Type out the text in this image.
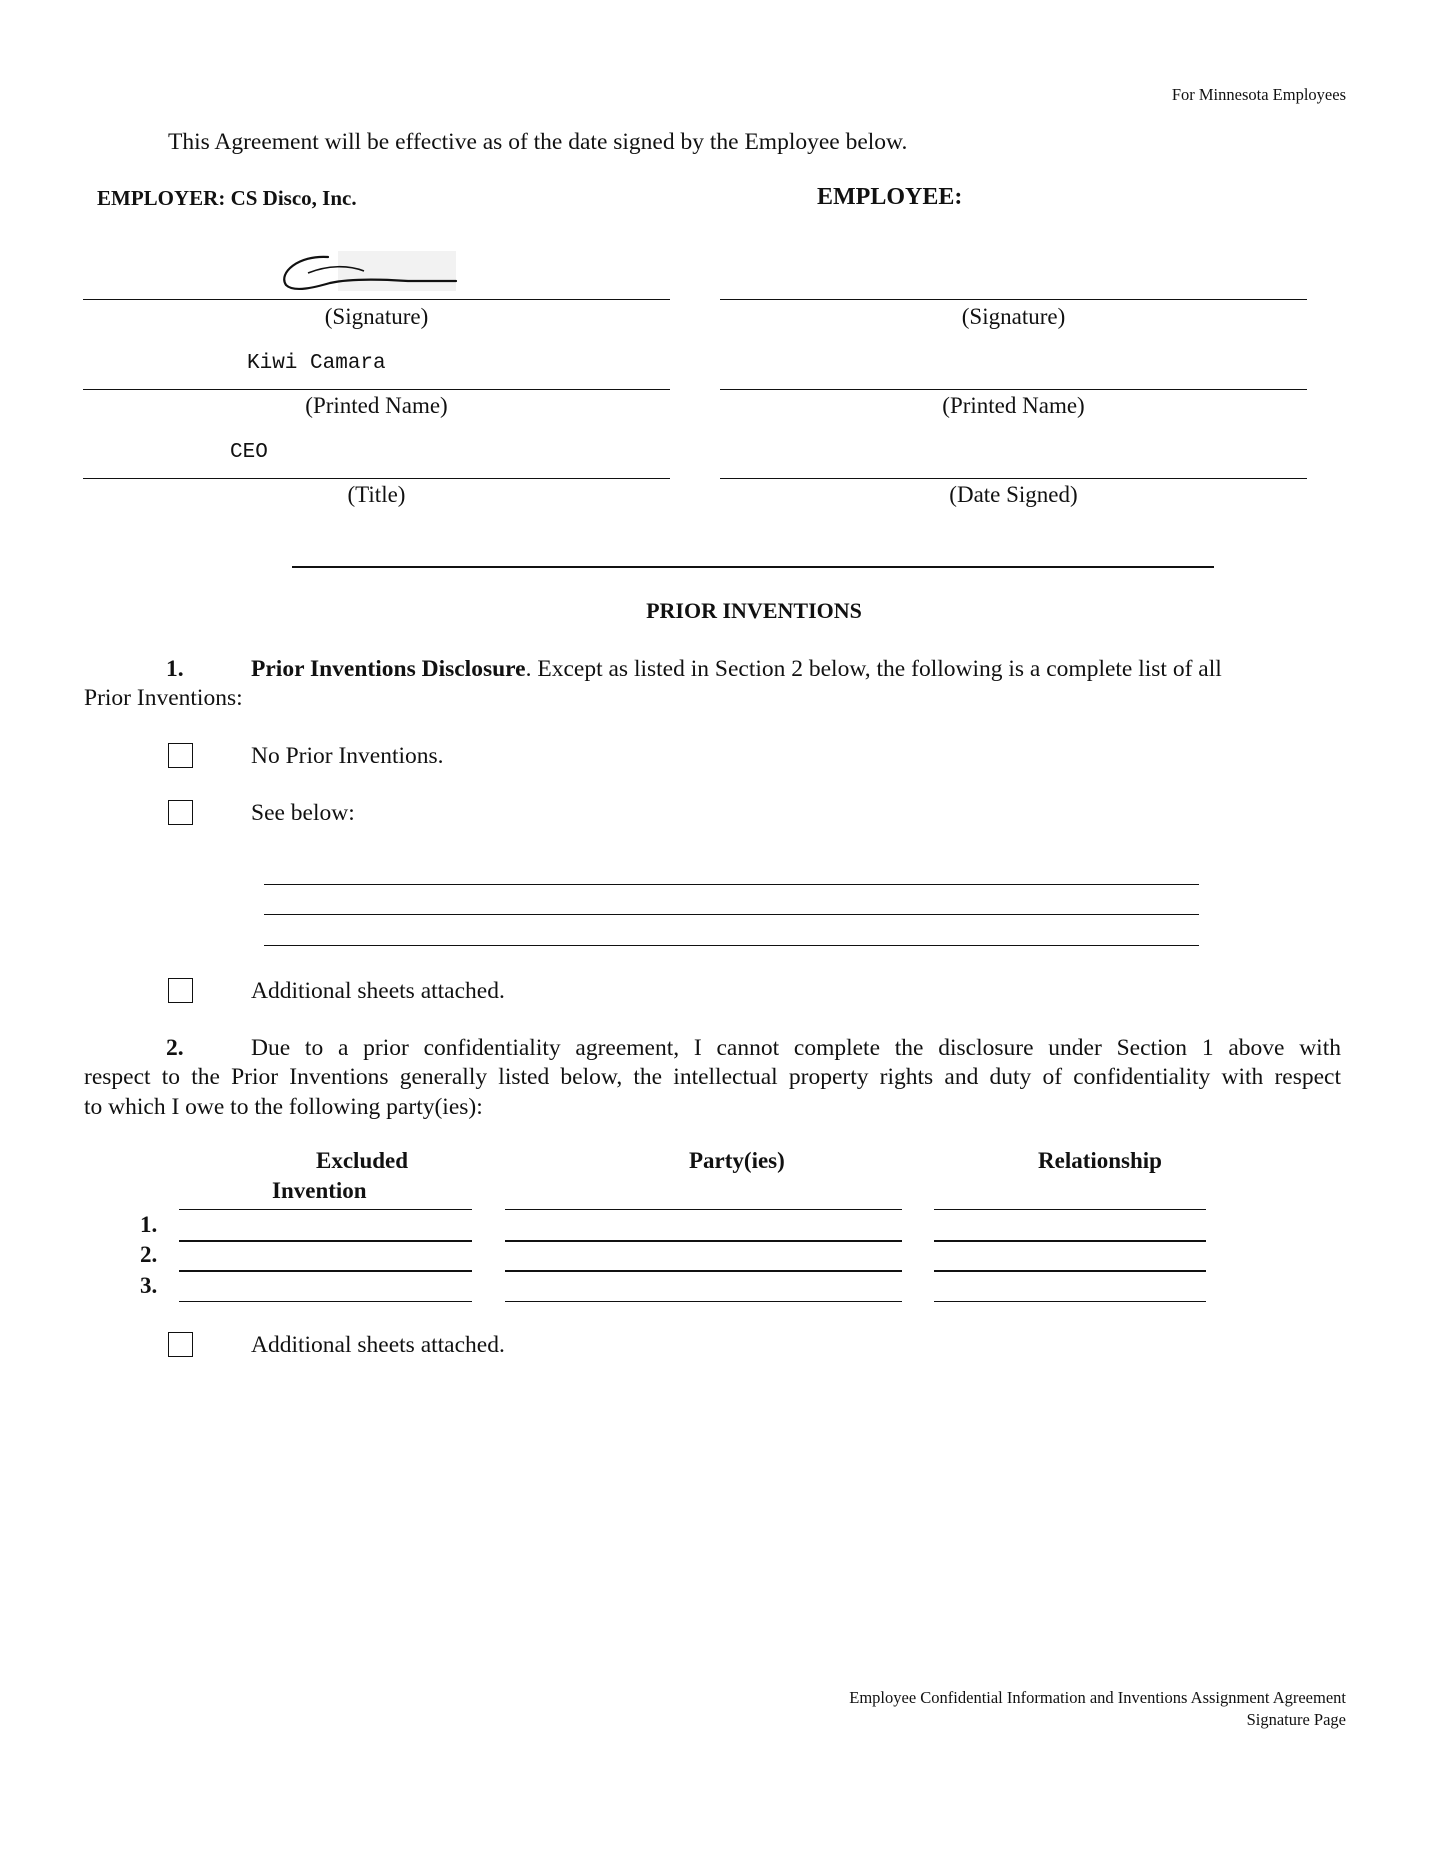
For Minnesota Employees
This Agreement will be effective as of the date signed by the Employee below.
EMPLOYER: CS Disco, Inc.
(Signature)
Kiwi Camara
(Printed Name)
CEO
(Title)
EMPLOYEE:
(Signature)
(Printed Name)
(Date Signed)
PRIOR INVENTIONS
1.	Prior Inventions Disclosure. Except as listed in Section 2 below, the following is a complete list of all
Prior Inventions:
No Prior Inventions.
See below:
Additional sheets attached.
2.	Due to a prior confidentiality agreement, I cannot complete the disclosure under Section 1 above with
respect to the Prior Inventions generally listed below, the intellectual property rights and duty of confidentiality with respect
to which I owe to the following party(ies):
Excluded
Invention
Party(ies)	Relationship
1.
2.
3.
Additional sheets attached.
Employee Confidential Information and Inventions Assignment Agreement
Signature Page
